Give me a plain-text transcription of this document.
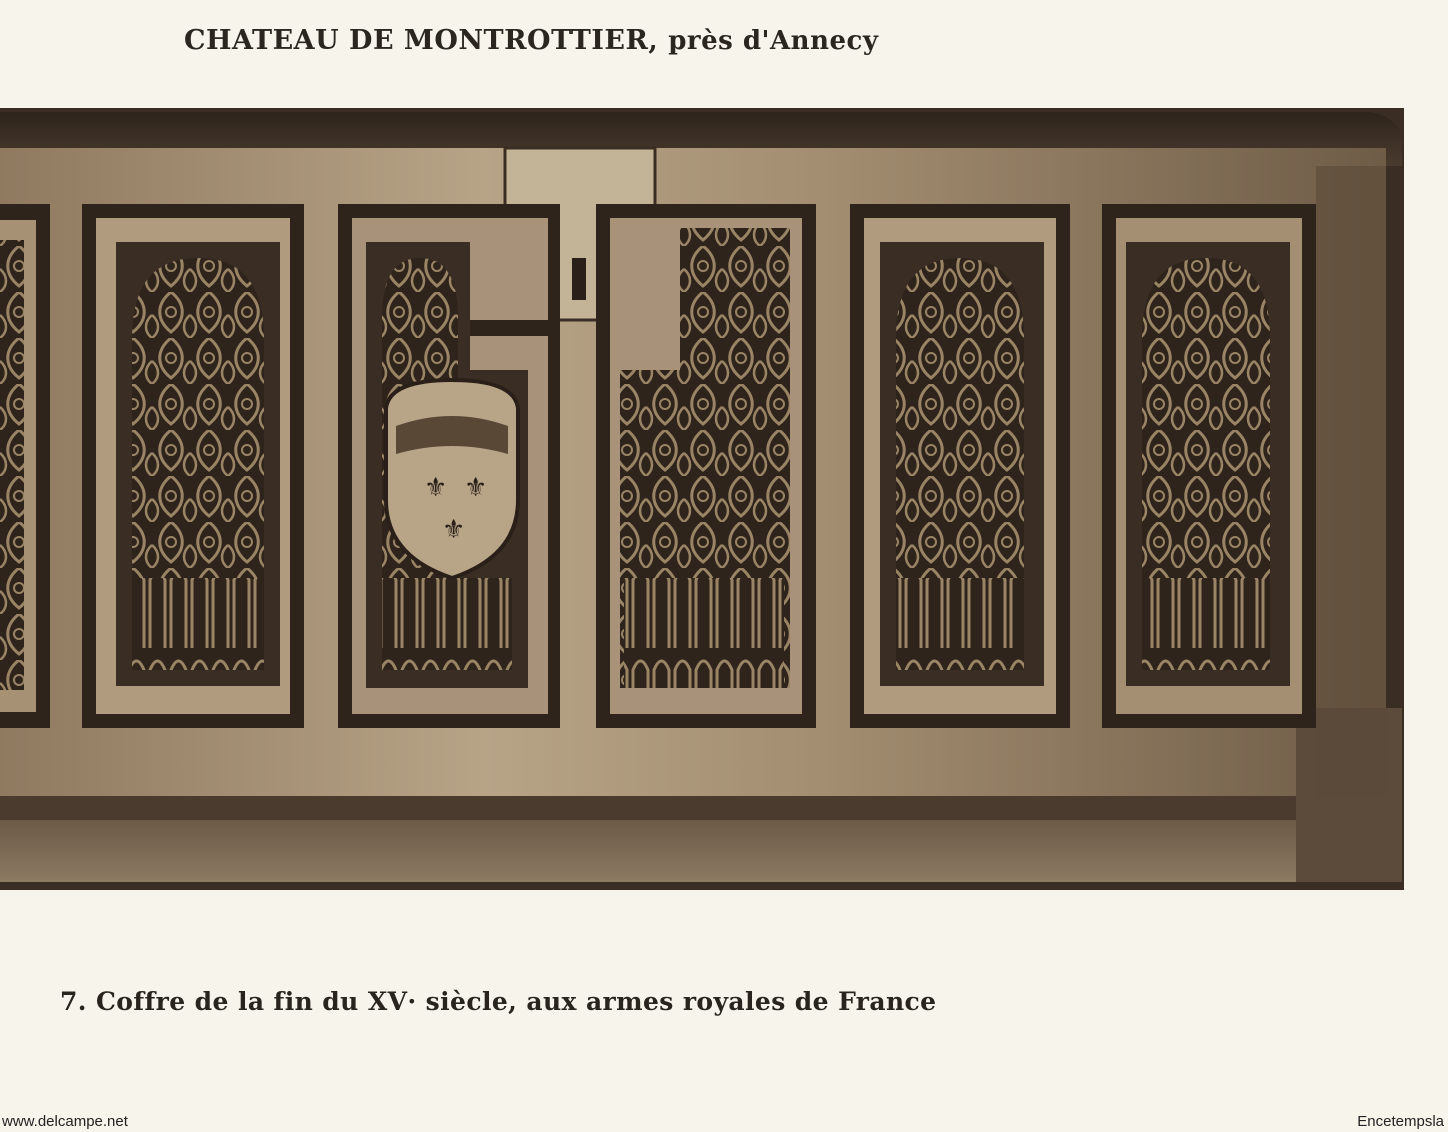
CHATEAU DE MONTROTTIER, près d'Annecy
⚜ ⚜
⚜
7. Coffre de la fin du XV· siècle, aux armes royales de France
www.delcampe.net	Encetempsla
